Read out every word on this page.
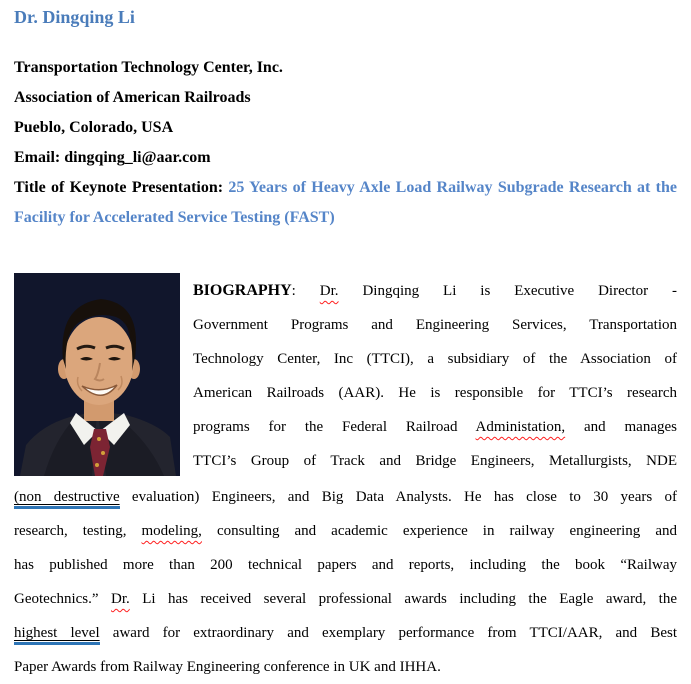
Dr. Dingqing Li
Transportation Technology Center, Inc.
Association of American Railroads
Pueblo, Colorado, USA
Email: dingqing_li@aar.com
Title of Keynote Presentation: 25 Years of Heavy Axle Load Railway Subgrade Research at the Facility for Accelerated Service Testing (FAST)
BIOGRAPHY: Dr. Dingqing Li is Executive Director -
Government Programs and Engineering Services, Transportation
Technology Center, Inc (TTCI), a subsidiary of the Association of
American Railroads (AAR). He is responsible for TTCI’s research
programs for the Federal Railroad Administation, and manages
TTCI’s Group of Track and Bridge Engineers, Metallurgists, NDE
(non destructive evaluation) Engineers, and Big Data Analysts. He has close to 30 years of
research, testing, modeling, consulting and academic experience in railway engineering and
has published more than 200 technical papers and reports, including the book “Railway
Geotechnics.” Dr. Li has received several professional awards including the Eagle award, the
highest level award for extraordinary and exemplary performance from TTCI/AAR, and Best
Paper Awards from Railway Engineering conference in UK and IHHA.
